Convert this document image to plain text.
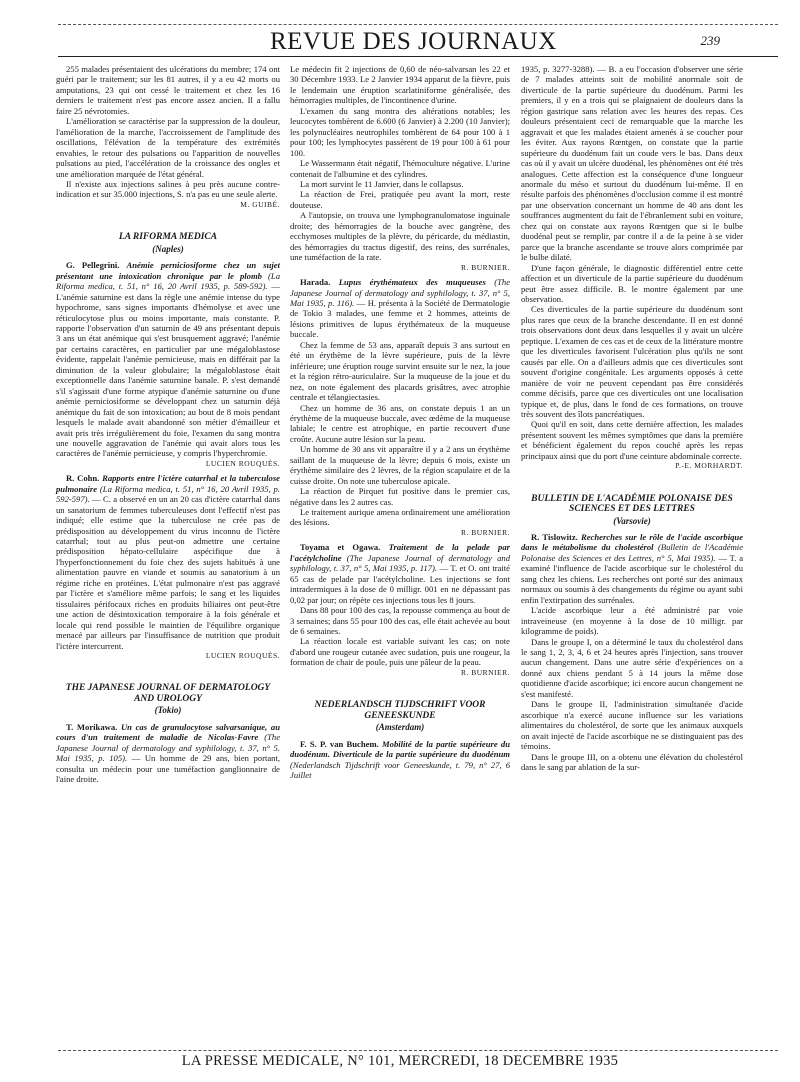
REVUE DES JOURNAUX	239

255 malades présentaient des ulcérations du membre; 174 ont guéri par le traitement; sur les 81 autres, il y a eu 42 morts ou amputations, 23 qui ont cessé le traitement et chez les 16 derniers le traitement n'est pas encore assez ancien. Il a fallu faire 25 névrotomies.

L'amélioration se caractérise par la suppression de la douleur, l'amélioration de la marche, l'accroissement de l'amplitude des oscillations, l'élévation de la température des extrémités envahies, le retour des pulsations ou l'apparition de nouvelles pulsations au pied, l'accélération de la croissance des ongles et une amélioration marquée de l'état général.

Il n'existe aux injections salines à peu près aucune contre-indication et sur 35.000 injections, S. n'a pas eu une seule alerte.

M. GUIBÉ.
LA RIFORMA MEDICA
(Naples)

G. Pellegrini. Anémie perniciosiforme chez un sujet présentant une intoxication chronique par le plomb (La Riforma medica, t. 51, n° 16, 20 Avril 1935, p. 589-592). — L'anémie saturnine est dans la règle une anémie intense du type hypochrome, sans signes importants d'hémolyse et avec une réticulocytose plus ou moins importante, mais constante. P. rapporte l'observation d'un saturnin de 49 ans présentant depuis 3 ans un état anémique qui s'est brusquement aggravé; l'anémie par certains caractères, en particulier par une mégaloblastose évidente, rappelait l'anémie pernicieuse, mais en différait par la diminution de la valeur globulaire; la mégaloblastose était exceptionnelle dans l'anémie saturnine banale. P. s'est demandé s'il s'agissait d'une forme atypique d'anémie saturnine ou d'une anémie perniciosiforme se développant chez un saturnin déjà anémique du fait de son intoxication; au bout de 8 mois pendant lesquels le malade avait abandonné son métier d'émailleur et avait pris très irrégulièrement du foie, l'examen du sang montra une nouvelle aggravation de l'anémie qui avait alors tous les caractères de l'anémie pernicieuse, y compris l'hyperchromie.

LUCIEN ROUQUÈS.

R. Cohn. Rapports entre l'ictère catarrhal et la tuberculose pulmonaire (La Riforma medica, t. 51, n° 16, 20 Avril 1935, p. 592-597). — C. a observé en un an 20 cas d'ictère catarrhal dans un sanatorium de femmes tuberculeuses dont l'effectif n'est pas indiqué; elle estime que la tuberculose ne crée pas de prédisposition au développement du virus inconnu de l'ictère catarrhal; tout au plus peut-on admettre une certaine prédisposition hépato-cellulaire aspécifique due à l'hyperfonctionnement du foie chez des sujets habitués à une alimentation pauvre en viande et soumis au sanatorium à un régime riche en protéines. L'état pulmonaire n'est pas aggravé par l'ictère et s'améliore même parfois; le sang et les liquides tissulaires périfocaux riches en produits biliaires ont peut-être une action de désintoxication temporaire à la fois générale et locale qui rend possible le maintien de l'équilibre organique menacé par ailleurs par l'insuffisance de nutrition que produit l'ictère intercurrent.

LUCIEN ROUQUÈS.
THE JAPANESE JOURNAL OF DERMATOLOGY AND UROLOGY
(Tokio)

T. Morikawa. Un cas de granulocytose salvarsanique, au cours d'un traitement de maladie de Nicolas-Favre (The Japanese Journal of dermatology and syphilology, t. 37, n° 5. Mai 1935, p. 105). — Un homme de 29 ans, bien portant, consulta un médecin pour une tuméfaction ganglionnaire de l'aine droite.

Le médecin fit 2 injections de 0,60 de néo-salvarsan les 22 et 30 Décembre 1933. Le 2 Janvier 1934 apparut de la fièvre, puis le lendemain une éruption scarlatiniforme généralisée, des hémorragies multiples, de l'incontinence d'urine.

L'examen du sang montra des altérations notables; les leucocytes tombèrent de 6.600 (6 Janvier) à 2.200 (10 Janvier); les polynucléaires neutrophiles tombèrent de 64 pour 100 à 1 pour 100; les lymphocytes passèrent de 19 pour 100 à 61 pour 100.

Le Wassermann était négatif, l'hémoculture négative. L'urine contenait de l'albumine et des cylindres.

La mort survint le 11 Janvier, dans le collapsus.

La réaction de Frei, pratiquée peu avant la mort, reste douteuse.

A l'autopsie, on trouva une lymphogranulomatose inguinale droite; des hémorragies de la bouche avec gangrène, des ecchymoses multiples de la plèvre, du péricarde, du médiastin, des hémorragies du tractus digestif, des reins, des surrénales, une tuméfaction de la rate.

R. BURNIER.

Harada. Lupus érythémateux des muqueuses (The Japanese Journal of dermatology and syphilology, t. 37, n° 5, Mai 1935, p. 116). — H. présenta à la Société de Dermatologie de Tokio 3 malades, une femme et 2 hommes, atteints de lésions primitives de lupus érythémateux de la muqueuse buccale.

Chez la femme de 53 ans, apparaît depuis 3 ans surtout en été un érythème de la lèvre supérieure, puis de la lèvre inférieure; une éruption rouge survint ensuite sur le nez, la joue et la région rétro-auriculaire. Sur la muqueuse de la joue et du nez, on note également des placards grisâtres, avec atrophie centrale et télangiectasies.

Chez un homme de 36 ans, on constate depuis 1 an un érythème de la muqueuse buccale, avec œdème de la muqueuse labiale; le centre est atrophique, en partie recouvert d'une croûte. Aucune autre lésion sur la peau.

Un homme de 30 ans vit apparaître il y a 2 ans un érythème saillant de la muqueuse de la lèvre; depuis 6 mois, existe un érythème similaire des 2 lèvres, de la région scapulaire et de la cuisse droite. On note une tuberculose apicale.

La réaction de Pirquet fut positive dans le premier cas, négative dans les 2 autres cas.

Le traitement aurique amena ordinairement une amélioration des lésions.

R. BURNIER.

Toyama et Ogawa. Traitement de la pelade par l'acétylcholine (The Japanese Journal of dermatology and syphilology, t. 37, n° 5, Mai 1935, p. 117). — T. et O. ont traité 65 cas de pelade par l'acétylcholine. Les injections se font intradermiques à la dose de 0 milligr. 001 en ne dépassant pas 0,02 par jour; on répète ces injections tous les 8 jours.

Dans 88 pour 100 des cas, la repousse commença au bout de 3 semaines; dans 55 pour 100 des cas, elle était achevée au bout de 6 semaines.

La réaction locale est variable suivant les cas; on note d'abord une rougeur cutanée avec sudation, puis une rougeur, la formation de chair de poule, puis une pâleur de la peau.

R. BURNIER.
NEDERLANDSCH TIJDSCHRIFT VOOR GENEESKUNDE
(Amsterdam)

F. S. P. van Buchem. Mobilité de la partie supérieure du duodénum. Diverticule de la partie supérieure du duodénum (Nederlandsch Tijdschrift voor Geneeskunde, t. 79, n° 27, 6 Juillet

1935, p. 3277-3288). — B. a eu l'occasion d'observer une série de 7 malades atteints soit de mobilité anormale soit de diverticule de la partie supérieure du duodénum. Parmi les premiers, il y en a trois qui se plaignaient de douleurs dans la région gastrique sans relation avec les heures des repas. Ces douleurs présentaient ceci de remarquable que la marche les aggravait et que les malades étaient amenés à se coucher pour les éviter. Aux rayons Rœntgen, on constate que la partie supérieure du duodénum fait un coude vers le bas. Dans deux cas où il y avait un ulcère duodénal, les phénomènes ont été très analogues. Cette affection est la conséquence d'une longueur anormale du méso et surtout du duodénum lui-même. Il en résulte parfois des phénomènes d'occlusion comme il est montré par une observation concernant un homme de 40 ans dont les souffrances augmentent du fait de l'ébranlement subi en voiture, chez qui on constate aux rayons Rœntgen que si le bulbe duodénal peut se remplir, par contre il a de la peine à se vider parce que la branche ascendante se trouve alors comprimée par le bulbe dilaté.

D'une façon générale, le diagnostic différentiel entre cette affection et un diverticule de la partie supérieure du duodénum peut être assez difficile. B. le montre également par une observation.

Ces diverticules de la partie supérieure du duodénum sont plus rares que ceux de la branche descendante. Il en est donné trois observations dont deux dans lesquelles il y avait un ulcère peptique. L'examen de ces cas et de ceux de la littérature montre que les diverticules favorisent l'ulcération plus qu'ils ne sont causés par elle. On a d'ailleurs admis que ces diverticules sont souvent d'origine congénitale. Les arguments opposés à cette manière de voir ne peuvent cependant pas être considérés comme décisifs, parce que ces diverticules ont une localisation typique et, de plus, dans le fond de ces formations, on trouve très souvent des îlots pancréatiques.

Quoi qu'il en soit, dans cette dernière affection, les malades présentent souvent les mêmes symptômes que dans la première et bénéficient également du repos couché après les repas principaux ainsi que du port d'une ceinture abdominale correcte.

P.-E. MORHARDT.
BULLETIN DE L'ACADÉMIE POLONAISE DES SCIENCES ET DES LETTRES
(Varsovie)

R. Tislowitz. Recherches sur le rôle de l'acide ascorbique dans le métabolisme du cholestérol (Bulletin de l'Académie Polonaise des Sciences et des Lettres, n° 5, Mai 1935). — T. a examiné l'influence de l'acide ascorbique sur le cholestérol du sang chez les chiens. Les recherches ont porté sur des animaux normaux ou soumis à des changements du régime ou ayant subi enfin l'extirpation des surrénales.

L'acide ascorbique leur a été administré par voie intraveineuse (en moyenne à la dose de 10 milligr. par kilogramme de poids).

Dans le groupe I, on a déterminé le taux du cholestérol dans le sang 1, 2, 3, 4, 6 et 24 heures après l'injection, sans trouver aucun changement. Dans une autre série d'expériences on a donné aux chiens pendant 5 à 14 jours la même dose quotidienne d'acide ascorbique; ici encore aucun changement ne s'est manifesté.

Dans le groupe II, l'administration simultanée d'acide ascorbique n'a exercé aucune influence sur les variations alimentaires du cholestérol, de sorte que les animaux auxquels on avait injecté de l'acide ascorbique ne se distinguaient pas des témoins.

Dans le groupe III, on a obtenu une élévation du cholestérol dans le sang par ablation de la sur-

LA PRESSE MEDICALE, N° 101, MERCREDI, 18 DECEMBRE 1935
